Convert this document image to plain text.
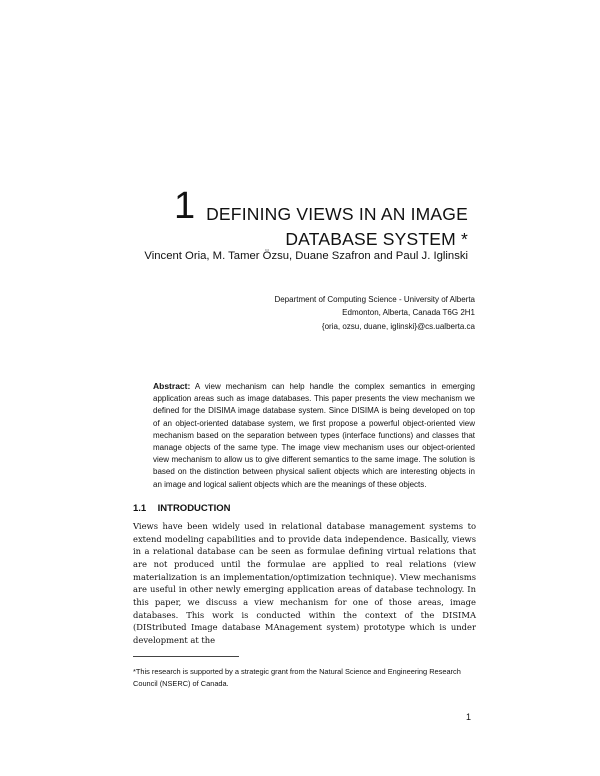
1 DEFINING VIEWS IN AN IMAGE
DATABASE SYSTEM *
Vincent Oria, M. Tamer Özsu, Duane Szafron and Paul J. Iglinski
Department of Computing Science - University of Alberta
Edmonton, Alberta, Canada T6G 2H1
{oria, ozsu, duane, iglinski}@cs.ualberta.ca

Abstract: A view mechanism can help handle the complex semantics in emerging application areas such as image databases. This paper presents the view mechanism we defined for the DISIMA image database system. Since DISIMA is being developed on top of an object-oriented database system, we first propose a powerful object-oriented view mechanism based on the separation between types (interface functions) and classes that manage objects of the same type. The image view mechanism uses our object-oriented view mechanism to allow us to give different semantics to the same image. The solution is based on the distinction between physical salient objects which are interesting objects in an image and logical salient objects which are the meanings of these objects.

1.1 INTRODUCTION

Views have been widely used in relational database management systems to extend modeling capabilities and to provide data independence. Basically, views in a relational database can be seen as formulae defining virtual relations that are not produced until the formulae are applied to real relations (view materialization is an implementation/optimization technique). View mechanisms are useful in other newly emerging application areas of database technology. In this paper, we discuss a view mechanism for one of those areas, image databases. This work is conducted within the context of the DISIMA (DIStributed Image database MAnagement system) prototype which is under development at the

*This research is supported by a strategic grant from the Natural Science and Engineering Research Council (NSERC) of Canada.

1
